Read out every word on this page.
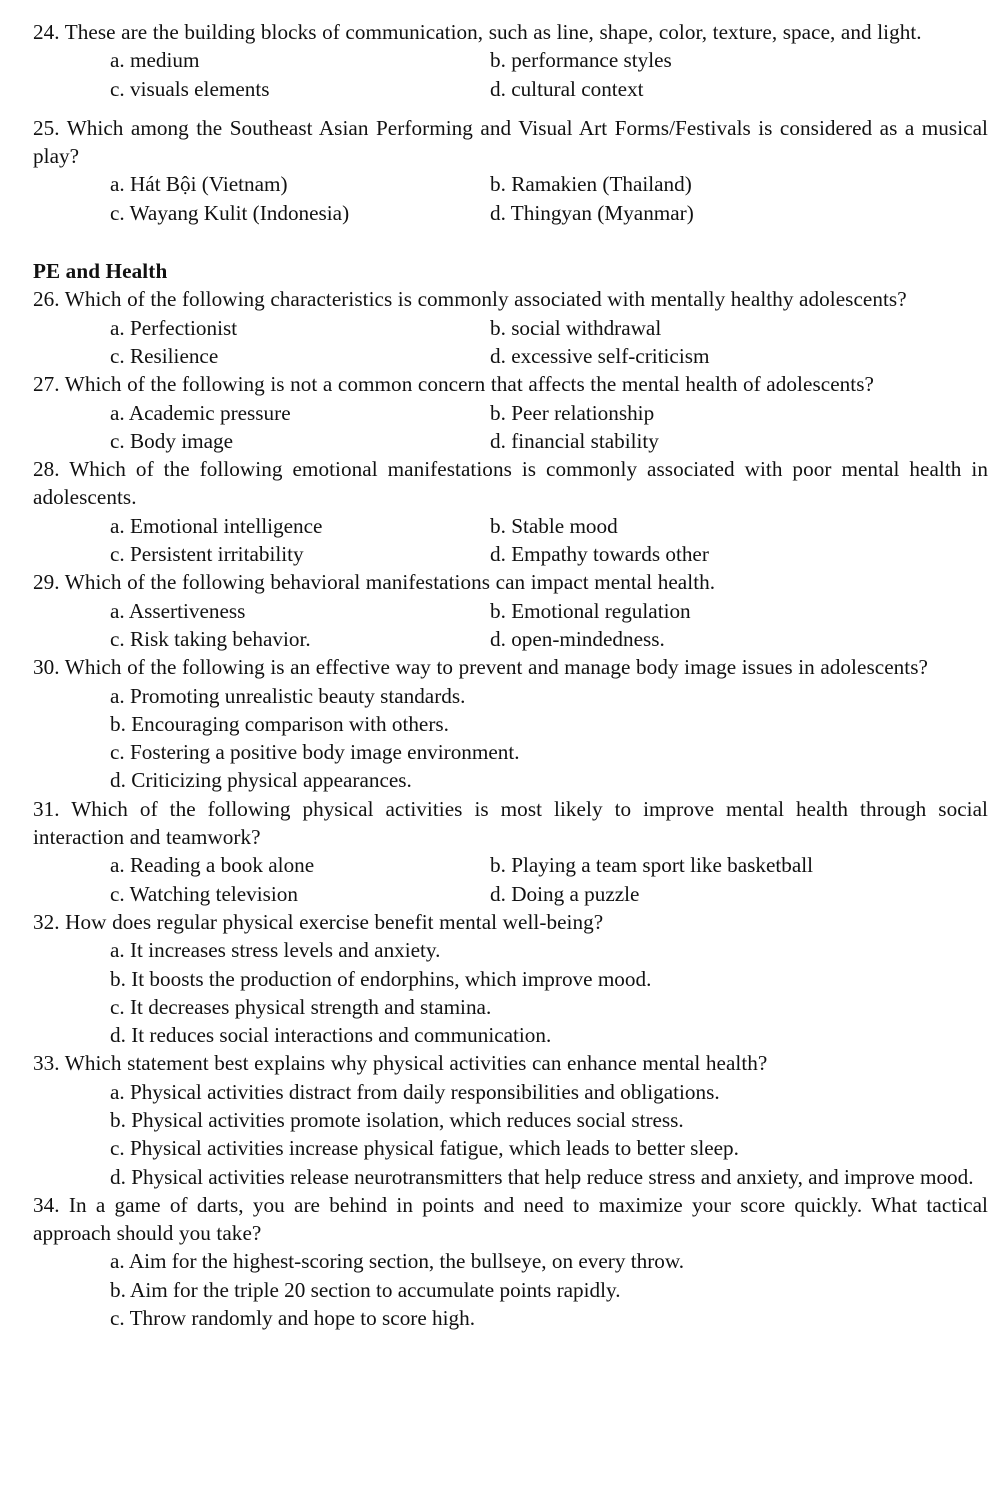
24. These are the building blocks of communication, such as line, shape, color, texture, space, and light.

a. medium	b. performance styles
c. visuals elements	d. cultural context

25. Which among the Southeast Asian Performing and Visual Art Forms/Festivals is considered as a musical play?

a. Hát Bội (Vietnam)	b. Ramakien (Thailand)
c. Wayang Kulit (Indonesia)	d. Thingyan (Myanmar)

PE and Health

26. Which of the following characteristics is commonly associated with mentally healthy adolescents?

a. Perfectionist	b. social withdrawal
c. Resilience	d. excessive self-criticism

27. Which of the following is not a common concern that affects the mental health of adolescents?

a. Academic pressure	b. Peer relationship
c. Body image	d. financial stability

28. Which of the following emotional manifestations is commonly associated with poor mental health in adolescents.

a. Emotional intelligence	b. Stable mood
c. Persistent irritability	d. Empathy towards other

29. Which of the following behavioral manifestations can impact mental health.

a. Assertiveness	b. Emotional regulation
c. Risk taking behavior.	d. open-mindedness.

30. Which of the following is an effective way to prevent and manage body image issues in adolescents?

a. Promoting unrealistic beauty standards.
b. Encouraging comparison with others.
c. Fostering a positive body image environment.
d. Criticizing physical appearances.

31. Which of the following physical activities is most likely to improve mental health through social interaction and teamwork?

a. Reading a book alone	b. Playing a team sport like basketball
c. Watching television	d. Doing a puzzle

32. How does regular physical exercise benefit mental well-being?

a. It increases stress levels and anxiety.
b. It boosts the production of endorphins, which improve mood.
c. It decreases physical strength and stamina.
d. It reduces social interactions and communication.

33. Which statement best explains why physical activities can enhance mental health?

a. Physical activities distract from daily responsibilities and obligations.
b. Physical activities promote isolation, which reduces social stress.
c. Physical activities increase physical fatigue, which leads to better sleep.
d. Physical activities release neurotransmitters that help reduce stress and anxiety, and improve mood.

34. In a game of darts, you are behind in points and need to maximize your score quickly. What tactical approach should you take?

a. Aim for the highest-scoring section, the bullseye, on every throw.
b. Aim for the triple 20 section to accumulate points rapidly.
c. Throw randomly and hope to score high.
